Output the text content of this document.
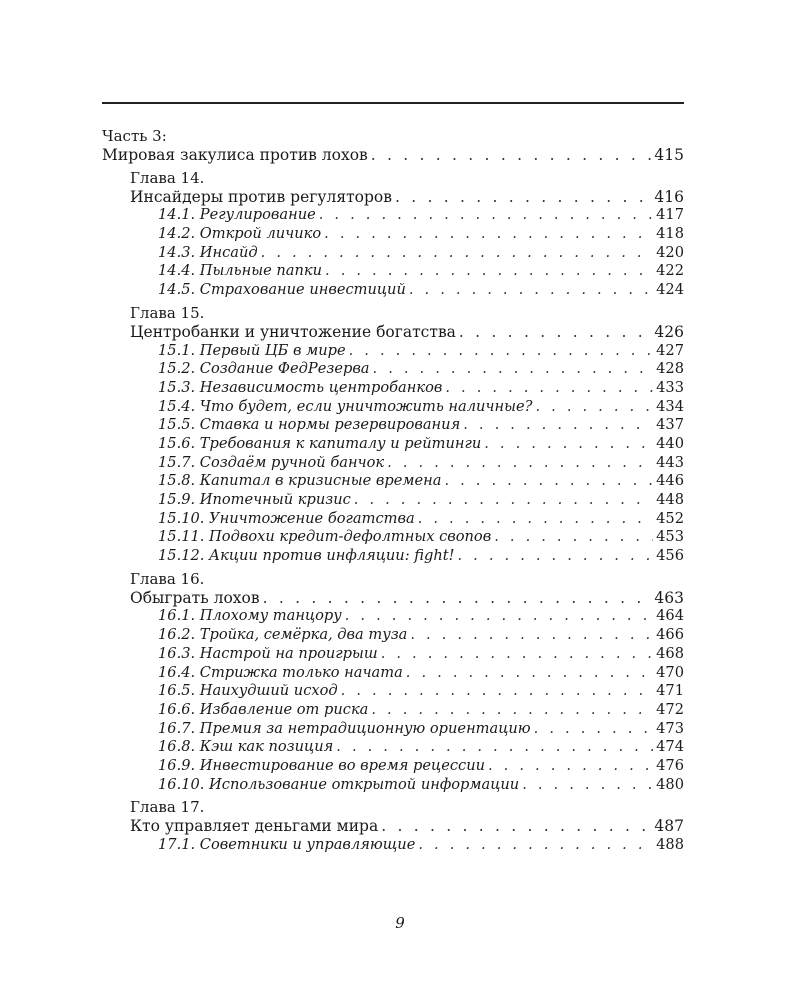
Часть 3:
Мировая закулиса против лохов . . .	415
Глава 14.
Инсайдеры против регуляторов . . .	416
14.1. Регулирование . . .	417
14.2. Открой личико . . .	418
14.3. Инсайд . . .	420
14.4. Пыльные папки . . .	422
14.5. Страхование инвестиций . . .	424
Глава 15.
Центробанки и уничтожение богатства . . .	426
15.1. Первый ЦБ в мире . . .	427
15.2. Создание ФедРезерва . . .	428
15.3. Независимость центробанков . . .	433
15.4. Что будет, если уничтожить наличные? . . .	434
15.5. Ставка и нормы резервирования . . .	437
15.6. Требования к капиталу и рейтинги . . .	440
15.7. Создаём ручной банчок . . .	443
15.8. Капитал в кризисные времена . . .	446
15.9. Ипотечный кризис . . .	448
15.10. Уничтожение богатства . . .	452
15.11. Подвохи кредит-дефолтных свопов . . .	453
15.12. Акции против инфляции: fight! . . .	456
Глава 16.
Обыграть лохов . . .	463
16.1. Плохому танцору . . .	464
16.2. Тройка, семёрка, два туза . . .	466
16.3. Настрой на проигрыш . . .	468
16.4. Стрижка только начата . . .	470
16.5. Наихудший исход . . .	471
16.6. Избавление от риска . . .	472
16.7. Премия за нетрадиционную ориентацию . . .	473
16.8. Кэш как позиция . . .	474
16.9. Инвестирование во время рецессии . . .	476
16.10. Использование открытой информации . . .	480
Глава 17.
Кто управляет деньгами мира . . .	487
17.1. Советники и управляющие . . .	488
9
